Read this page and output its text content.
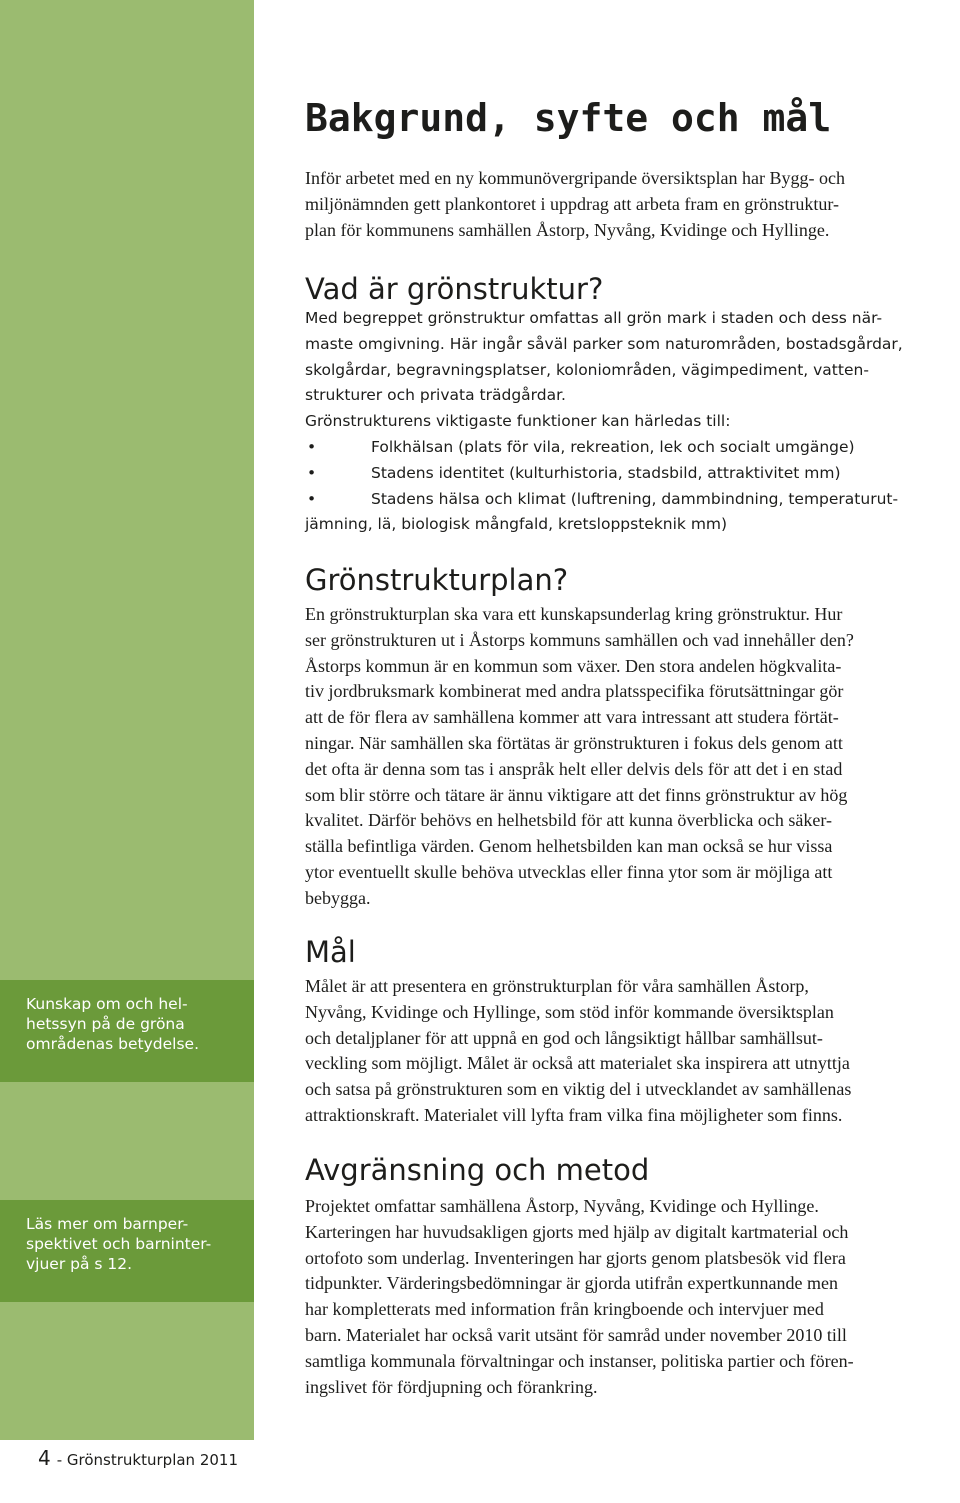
Kunskap om och hel-
hetssyn på de gröna
områdenas betydelse.
Läs mer om barnper-
spektivet och barninter-
vjuer på s 12.
4 - Grönstrukturplan 2011
Bakgrund, syfte och mål
Inför arbetet med en ny kommunövergripande översiktsplan har Bygg- och
miljönämnden gett plankontoret i uppdrag att arbeta fram en grönstruktur-
plan för kommunens samhällen Åstorp, Nyvång, Kvidinge och Hyllinge.
Vad är grönstruktur?
Med begreppet grönstruktur omfattas all grön mark i staden och dess när-
maste omgivning. Här ingår såväl parker som naturområden, bostadsgårdar,
skolgårdar, begravningsplatser, koloniområden, vägimpediment, vatten-
strukturer och privata trädgårdar.
Grönstrukturens viktigaste funktioner kan härledas till:
•	Folkhälsan (plats för vila, rekreation, lek och socialt umgänge)
•	Stadens identitet (kulturhistoria, stadsbild, attraktivitet mm)
•	Stadens hälsa och klimat (luftrening, dammbindning, temperaturut-
jämning, lä, biologisk mångfald, kretsloppsteknik mm)
Grönstrukturplan?
En grönstrukturplan ska vara ett kunskapsunderlag kring grönstruktur. Hur
ser grönstrukturen ut i Åstorps kommuns samhällen och vad innehåller den?
Åstorps kommun är en kommun som växer. Den stora andelen högkvalita-
tiv jordbruksmark kombinerat med andra platsspecifika förutsättningar gör
att de för flera av samhällena kommer att vara intressant att studera förtät-
ningar. När samhällen ska förtätas är grönstrukturen i fokus dels genom att
det ofta är denna som tas i anspråk helt eller delvis dels för att det i en stad
som blir större och tätare är ännu viktigare att det finns grönstruktur av hög
kvalitet. Därför behövs en helhetsbild för att kunna överblicka och säker-
ställa befintliga värden. Genom helhetsbilden kan man också se hur vissa
ytor eventuellt skulle behöva utvecklas eller finna ytor som är möjliga att
bebygga.
Mål
Målet är att presentera en grönstrukturplan för våra samhällen Åstorp,
Nyvång, Kvidinge och Hyllinge, som stöd inför kommande översiktsplan
och detaljplaner för att uppnå en god och långsiktigt hållbar samhällsut-
veckling som möjligt. Målet är också att materialet ska inspirera att utnyttja
och satsa på grönstrukturen som en viktig del i utvecklandet av samhällenas
attraktionskraft. Materialet vill lyfta fram vilka fina möjligheter som finns.
Avgränsning och metod
Projektet omfattar samhällena Åstorp, Nyvång, Kvidinge och Hyllinge.
Karteringen har huvudsakligen gjorts med hjälp av digitalt kartmaterial och
ortofoto som underlag. Inventeringen har gjorts genom platsbesök vid flera
tidpunkter. Värderingsbedömningar är gjorda utifrån expertkunnande men
har kompletterats med information från kringboende och intervjuer med
barn. Materialet har också varit utsänt för samråd under november 2010 till
samtliga kommunala förvaltningar och instanser, politiska partier och fören-
ingslivet för fördjupning och förankring.
